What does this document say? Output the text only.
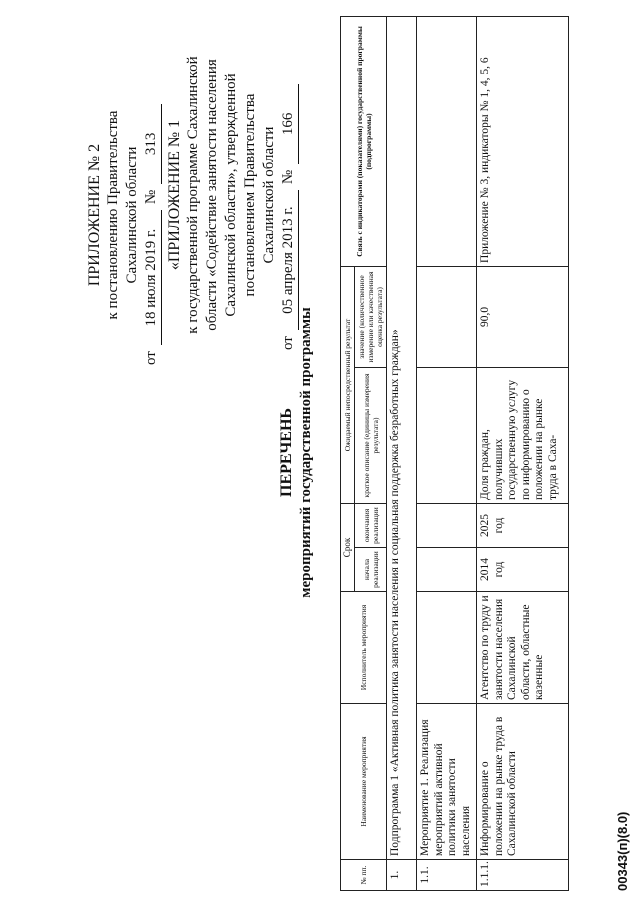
ПРИЛОЖЕНИЕ № 2 к постановлению Правительства Сахалинской области
от
18 июля 2019 г.
№
313 «ПРИЛОЖЕНИЕ № 1 к государственной программе Сахалинской области «Содействие занятости населения Сахалинской области», утвержденной постановлением Правительства Сахалинской области
от
05 апреля 2013 г.
№
166
ПЕРЕЧЕНЬ мероприятий государственной программы
№ пп.	Наименование мероприятия	Исполнитель мероприятия	Срок		Ожидаемый непосредственный результат		Связь с индикаторами (показателями) государственной программы (подпрограммы)
			начала реализации	окончания реализации	краткое описание (единицы измерения результата)	значение (количественное измерение или качественная оценка результата)	
1.	Подпрограмма 1 «Активная политика занятости населения и социальная поддержка безработных граждан»						
1.1.	Мероприятие 1. Реализация мероприятий активной политики занятости населения						
1.1.1.	Информирование о положении на рынке труда в Сахалинской области	Агентство по труду и занятости населения Сахалинской области, областные казенные	2014 год	2025 год	Доля граждан, получивших государственную услугу по информированию о положении на рынке труда в Саха-	90,0	Приложение № 3, индикаторы № 1, 4, 5, 6
00343(п)(8.0)
